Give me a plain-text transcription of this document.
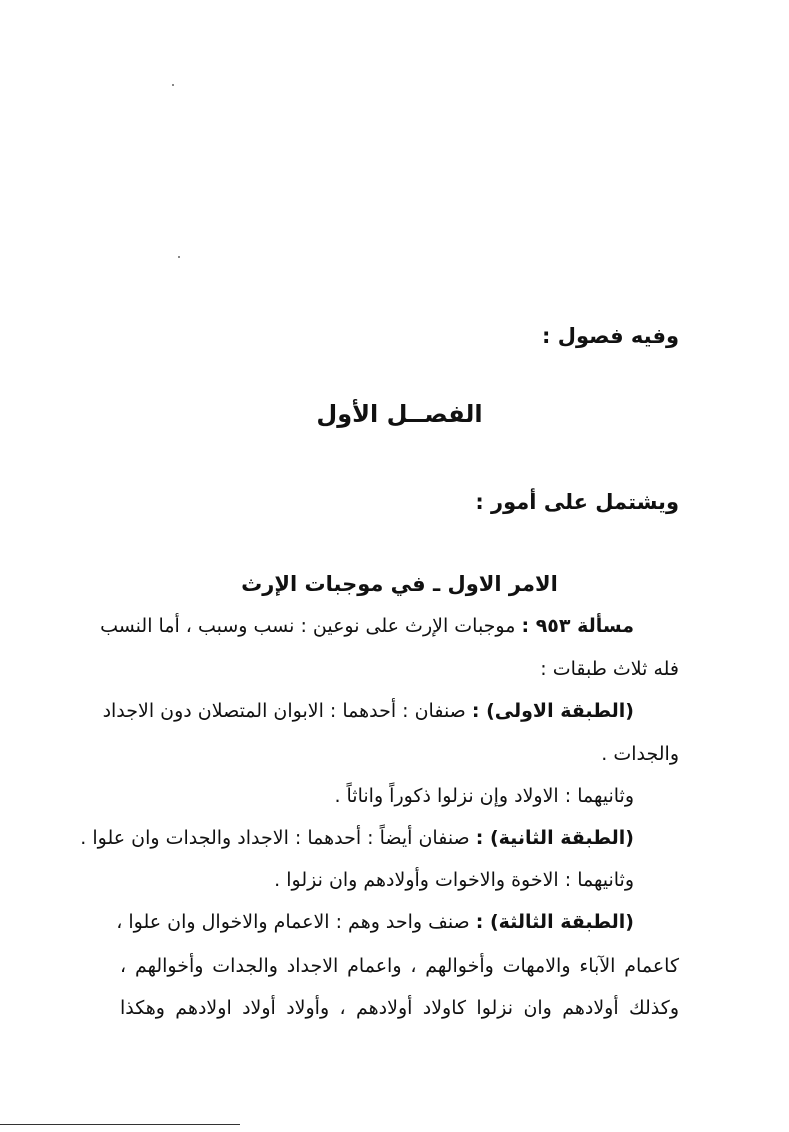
وفيه فصول :
الفصــل الأول
ويشتمل على أمور :
الامر الاول ـ في موجبات الإرث
مسألة ٩٥٣ : موجبات الإرث على نوعين : نسب وسبب ، أما النسب
فله ثلاث طبقات :
(الطبقة الاولى) : صنفان : أحدهما : الابوان المتصلان دون الاجداد
والجدات .
وثانيهما : الاولاد وإن نزلوا ذكوراً واناثاً .
(الطبقة الثانية) : صنفان أيضاً : أحدهما : الاجداد والجدات وان علوا .
وثانيهما : الاخوة والاخوات وأولادهم وان نزلوا .
(الطبقة الثالثة) : صنف واحد وهم : الاعمام والاخوال وان علوا ،
كاعمام الآباء والامهات وأخوالهم ، واعمام الاجداد والجدات وأخوالهم ،
وكذلك أولادهم وان نزلوا كاولاد أولادهم ، وأولاد أولاد اولادهم وهكذا
